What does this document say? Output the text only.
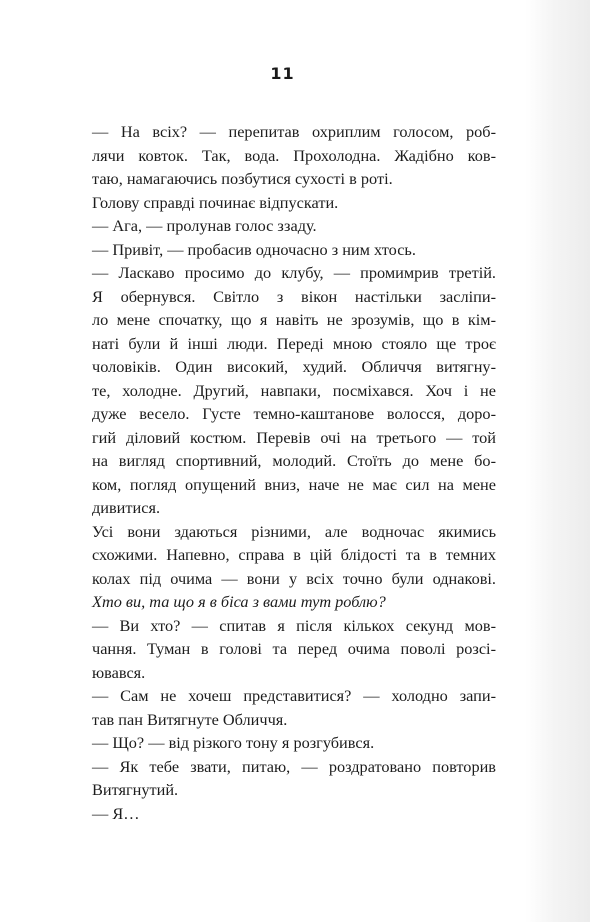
11
— На всіх? — перепитав охриплим голосом, роб-
лячи ковток. Так, вода. Прохолодна. Жадібно ков-
таю, намагаючись позбутися сухості в роті.
Голову справді починає відпускати.
— Ага, — пролунав голос ззаду.
— Привіт, — пробасив одночасно з ним хтось.
— Ласкаво просимо до клубу, — промимрив третій.
Я обернувся. Світло з вікон настільки засліпи-
ло мене спочатку, що я навіть не зрозумів, що в кім-
наті були й інші люди. Переді мною стояло ще троє
чоловіків. Один високий, худий. Обличчя витягну-
те, холодне. Другий, навпаки, посміхався. Хоч і не
дуже весело. Густе темно-каштанове волосся, доро-
гий діловий костюм. Перевів очі на третього — той
на вигляд спортивний, молодий. Стоїть до мене бо-
ком, погляд опущений вниз, наче не має сил на мене
дивитися.
Усі вони здаються різними, але водночас якимись
схожими. Напевно, справа в цій блідості та в темних
колах під очима — вони у всіх точно були однакові.
Хто ви, та що я в біса з вами тут роблю?
— Ви хто? — спитав я після кількох секунд мов-
чання. Туман в голові та перед очима поволі розсі-
ювався.
— Сам не хочеш представитися? — холодно запи-
тав пан Витягнуте Обличчя.
— Що? — від різкого тону я розгубився.
— Як тебе звати, питаю, — роздратовано повторив
Витягнутий.
— Я…
